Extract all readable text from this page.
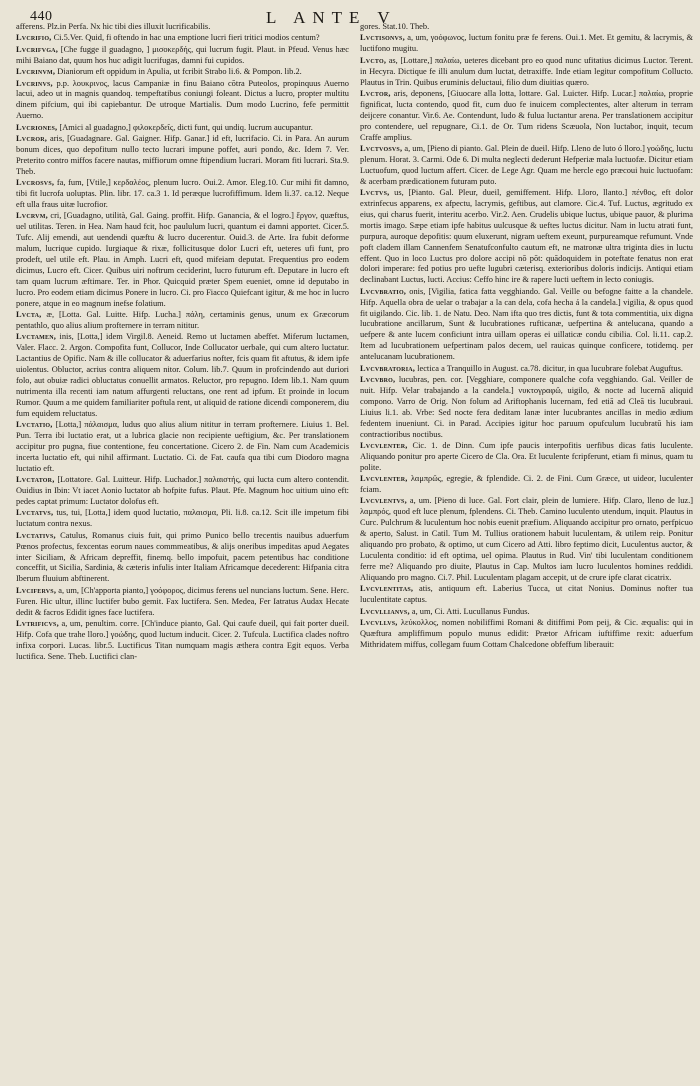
440	L ANTE V

afferens. Plz.in Perfa. Nx hic tibi dies illuxit lucrificabilis.

Lvcrifio, Ci.5.Ver. Quid, fi oftendo in hac una emptione lucri fieri tritici modios centum?

Lvcrifvga, [Che fugge il guadagno, ] μισοκερδής, qui lucrum fugit. Plaut. in Pfeud. Venus hæc mihi Baiano dat, quum hos huc adigit lucrifugas, damni fui cupidos.

Lvcrinvm, Dianiorum eft oppidum in Apulia, ut fcribit Strabo li.6. & Pompon. lib.2.

Lvcrinvs, p.p. λουκρινος, lacus Campaniæ in finu Baiano cōtra Puteolos, propinquus Auerno lacui, adeo ut in magnis quandoq. tempeftatibus coniungi foleant. Dictus a lucro, propter multitu dinem pifcium, qui ibi capiebantur. De utroque Martialis. Dum modo Lucrino, fefe permittit Auerno.

Lvcriones, [Amici al guadagno,] φιλοκερδεῖς, dicti funt, qui undiq. lucrum aucupantur.

Lvcror, aris, [Guadagnare. Gal. Gaigner. Hifp. Ganar.] id eft, lucrifacio. Ci. in Para. An aurum bonum dices, quo depofitum nullo tecto lucrari impune poffet, auri pondo, &c. Idem 7. Ver. Preterito contro miffos facere nautas, miffiorum omne ftipendium lucrari. Moram fiti lucrari. Sta.9. Theb.

Lvcrosvs, fa, fum, [Vtile,] κερδαλέος, plenum lucro. Oui.2. Amor. Eleg.10. Cur mihi fit damno, tibi fit lucrofa uoluptas. Plin. libr. 17. ca.3 1. Id peræque lucrofiffimum. Idem li.37. ca.12. Neque eft ulla fraus uitæ lucrofior.

Lvcrvm, cri, [Guadagno, utilità, Gal. Gaing. proffit. Hifp. Ganancia, & el logro.] ἔργον, quæftus, uel utilitas. Teren. in Hea. Nam haud fcit, hoc paululum lucri, quantum ei damni apportet. Cicer.5. Tufc. Alij emendi, aut uendendi quæftu & lucro ducerentur. Ouid.3. de Arte. Ira fubit deforme malum, lucrique cupido. Iurgiaque & rixæ, follicitusque dolor Lucri eft, ueteres ufi funt, pro prodeft, uel utile eft. Plau. in Amph. Lucri eft, quod mifeiam deputat. Frequentius pro eodem dicimus, Lucro eft. Cicer. Quibus uiri noftrum ceciderint, lucro futurum eft. Deputare in lucro eft tam quam lucrum æftimare. Ter. in Phor. Quicquid præter Spem eueniet, omne id deputabo in lucro. Pro eodem etiam dicimus Ponere in lucro. Ci. pro Fiacco Quiefcant igitur, & me hoc in lucro ponere, atque in eo magnum inefse folatium.

Lvcta, æ, [Lotta. Gal. Luitte. Hifp. Lucha.] πάλη, certaminis genus, unum ex Græcorum pentathlo, quo alius alium profternere in terram nititur.

Lvctamen, inis, [Lotta,] idem Virgil.8. Aeneid. Remo ut luctamen abeffet. Miferum luctamen, Valer. Flacc. 2. Argon. Compofita funt, Collucor, Inde Collucator uerbale, qui cum altero luctatur. Lactantius de Opific. Nam & ille collucator & aduerfarius nofter, fcis quam fit aftutus, & idem ipfe uiolentus. Obluctor, acrius contra aliquem nitor. Colum. lib.7. Quum in profcindendo aut duriori folo, aut obuiæ radici obluctatus conuellit armatos. Reluctor, pro repugno. Idem lib.1. Nam quum nutrimenta illa recenti iam natum affurgenti reluctans, one rent ad ipfum. Et proinde in locum Rumor. Quum a me quidem familiariter poftula rent, ut aliquid de ratione dicendi componerem, diu fum equidem reluctatus.

Lvctatio, [Lotta,] πάλαισμα, ludus quo alius alium nititur in terram profternere. Liuius 1. Bel. Pun. Terra ibi luctatio erat, ut a lubrica glacie non recipiente ueftigium, &c. Per translationem accipitur pro pugna, fiue contentione, feu concertatione. Cicero 2. de Fin. Nam cum Academicis incerta luctatio eft, qui nihil affirmant. Luctatio. Ci. de Fat. caufa qua tibi cum Diodoro magna luctatio eft.

Lvctator, [Lottatore. Gal. Luitteur. Hifp. Luchador.] παλαιστής, qui lucta cum altero contendit. Ouidius in Ibin: Vt iacet Aonio luctator ab hofpite fufus. Plaut. Pfe. Magnum hoc uitium uino eft: pedes captat primum: Luctator dolofus eft.

Lvctatvs, tus, tui, [Lotta,] idem quod luctatio, παλαισμα, Pli. li.8. ca.12. Scit ille impetum fibi luctatum contra nexus.

Lvctativs, Catulus, Romanus ciuis fuit, qui primo Punico bello trecentis nauibus aduerfum Pœnos profectus, fexcentas eorum naues commmeatibus, & alijs oneribus impeditas apud Aegates inter Siciliam, & Africam depreffit, finemq. bello impofuit, pacem petentibus hac conditione conceffit, ut Sicilia, Sardinia, & cæteris infulis inter Italiam Africamque decederent: Hifpania citra Iberum fluuium abftinerent.

Lvcifervs, a, um, [Ch'apporta pianto,] γοόφορος, dicimus ferens uel nuncians luctum. Sene. Herc. Furen. Hic ultur, illinc luctifer bubo gemit. Fax luctifera. Sen. Medea, Fer Iatratus Audax Hecate dedit & facros Edidit ignes face luctifera.

Lvtrificvs, a, um, penultim. corre. [Ch'induce pianto, Gal. Qui caufe dueil, qui fait porter dueil. Hifp. Cofa que trahe lloro.] γοώδης, quod luctum inducit. Cicer. 2. Tufcula. Luctifica clades noftro infixa corpori. Lucas. libr.5. Luctificus Titan numquam magis æthera contra Egit equos. Verba luctifica. Sene. Theb. Luctifici clan-

gores. Stat.10. Theb.

Lvctisonvs, a, um, γοόφωνος, luctum fonitu præ fe ferens. Oui.1. Met. Et gemitu, & lacrymis, & luctifono mugitu.

Lvcto, as, [Lottare,] παλαίω, ueteres dicebant pro eo quod nunc ufitatius dicimus Luctor. Terent. in Hecyra. Dictique fe illi anulum dum luctat, detraxiffe. Inde etiam legitur compofitum Collucto. Plautus in Trin. Quibus eruminis deluctaui, filio dum diuitias quæro.

Lvctor, aris, deponens, [Giuocare alla lotta, lottare. Gal. Luicter. Hifp. Lucar.] παλαίω, proprie fignificat, lucta contendo, quod fit, cum duo fe inuicem complectentes, alter alterum in terram deijcere conantur. Vir.6. Ae. Contendunt, ludo & fulua luctantur arena. Per translationem accipitur pro contendere, uel repugnare, Ci.1. de Or. Tum ridens Scæuola, Non luctabor, inquit, tecum Craffe amplius.

Lvctvosvs, a, um, [Pieno di pianto. Gal. Plein de dueil. Hifp. Lleno de luto ó lloro.] γοώδης, luctu plenum. Horat. 3. Carmi. Ode 6. Di multa neglecti dederunt Hefperiæ mala luctuofæ. Dicitur etiam Luctuofum, quod luctum affert. Cicer. de Lege Agr. Quam me hercle ego præcoui huic luctuofam: & acerbam prædicationem futuram puto.

Lvctvs, us, [Pianto. Gal. Pleur, dueil, gemiffement. Hifp. Lloro, llanto.] πένθος, eft dolor extrinfecus apparens, ex afpectu, lacrymis, geftibus, aut clamore. Cic.4. Tuf. Luctus, ægritudo ex eius, qui charus fuerit, interitu acerbo. Vir.2. Aen. Crudelis ubique luctus, ubique pauor, & plurima mortis imago. Sæpe etiam ipfe habitus uulcusque & ueftes luctus dicitur. Nam in luctu atrati funt, purpura, auroque depofitis: quum eluxerunt, nigram ueftem exeunt, purpureamque refumunt. Vnde poft cladem illam Cannenfem Senatufconfulto cautum eft, ne matronæ ultra triginta dies in luctu effent. Quo in loco Luctus pro dolore accipi nō pōt: quādoquidem in poteftate fenatus non erat dolori imperare: fed potius pro uefte lugubri cæterisq. exterioribus doloris indicijs. Antiqui etiam declinabant Luctus, lucti. Accius: Ceffo hinc ire & rapere lucti ueftem in lecto coniugis.

Lvcvbratio, onis, [Vigilia, fatica fatta vegghiando. Gal. Veille ou befogne faitte a la chandele. Hifp. Aquella obra de uelar o trabajar a la can dela, cofa hecha á la candela.] vigilia, & opus quod fit uigilando. Cic. lib. 1. de Natu. Deo. Nam ifta quo tres dictis, funt & tota commentitia, uix digna lucubratione ancillarum, Sunt & lucubrationes rufticanæ, uefpertina & antelucana, quando a uefpere & ante lucem conficiunt intra uillam operas ei uillaticæ condu cibilia. Col. li.11. cap.2. Item ad lucubrationem uefpertinam palos decem, uel rauicas quinque conficere, totidemq. per antelucanam lucubrationem.

Lvcvbratoria, lectica a Tranquillo in August. ca.78. dicitur, in qua lucubrare folebat Auguftus.

Lvcvbro, lucubras, pen. cor. [Vegghiare, componere qualche cofa vegghiando. Gal. Veiller de nuit. Hifp. Velar trabajando a la candela.] νυκτογραφῶ, uigilo, & nocte ad lucernā aliquid compono. Varro de Orig. Non folum ad Ariftophanis lucernam, fed etiā ad Cleā tis lucubraui. Liuius li.1. ab. Vrbe: Sed nocte fera deditam lanæ inter lucubrantes ancillas in medio ædium fedentem inueniunt. Ci. in Parad. Accipies igitur hoc paruum opufculum lucubratū his iam contractioribus noctibus.

Lvcvlenter, Cic. 1. de Dinn. Cum ipfe paucis interpofitis uerfibus dicas fatis luculente. Aliquando ponitur pro aperte Cicero de Cla. Ora. Et luculente fcripferunt, etiam fi minus, quam tu polite.

Lvcvlenter, λαμπρῶς, egregie, & fplendide. Ci. 2. de Fini. Cum Græce, ut uideor, luculenter fciam.

Lvcvlentvs, a, um. [Pieno di luce. Gal. Fort clair, plein de lumiere. Hifp. Claro, lleno de luz.] λαμπρός, quod eft luce plenum, fplendens. Ci. Theb. Camino luculento utendum, inquit. Plautus in Curc. Pulchrum & luculentum hoc nobis euenit præfium. Aliquando accipitur pro ornato, perfpicuo & aperto, Salust. in Catil. Tum M. Tullius orationem habuit luculentam, & utilem reip. Ponitur aliquando pro probato, & optimo, ut cum Cicero ad Atti. libro feptimo dicit, Luculentus auctor, & Luculenta conditio: id eft optima, uel opima. Plautus in Rud. Vin' tibi luculentam conditionem ferre me? Aliquando pro diuite, Plautus in Cap. Multos iam lucro luculentos homines reddidi. Aliquando pro magno. Ci.7. Phil. Luculentam plagam accepit, ut de crure ipfe clarat cicatrix.

Lvcvlentitas, atis, antiquum eft. Laberius Tucca, ut citat Nonius. Dominus nofter tua luculentitate captus.

Lvcvllianvs, a, um, Ci. Atti. Lucullanus Fundus.

Lvcvllvs, λεύκολλος, nomen nobiliffimi Romani & ditiffimi Pom peij, & Cic. æqualis: qui in Quæftura ampliffimum populo munus edidit: Prætor Africam iuftiffime rexit: aduerfum Mithridatem miffus, collegam fuum Cottam Chalcedone obfeffum liberauit:
